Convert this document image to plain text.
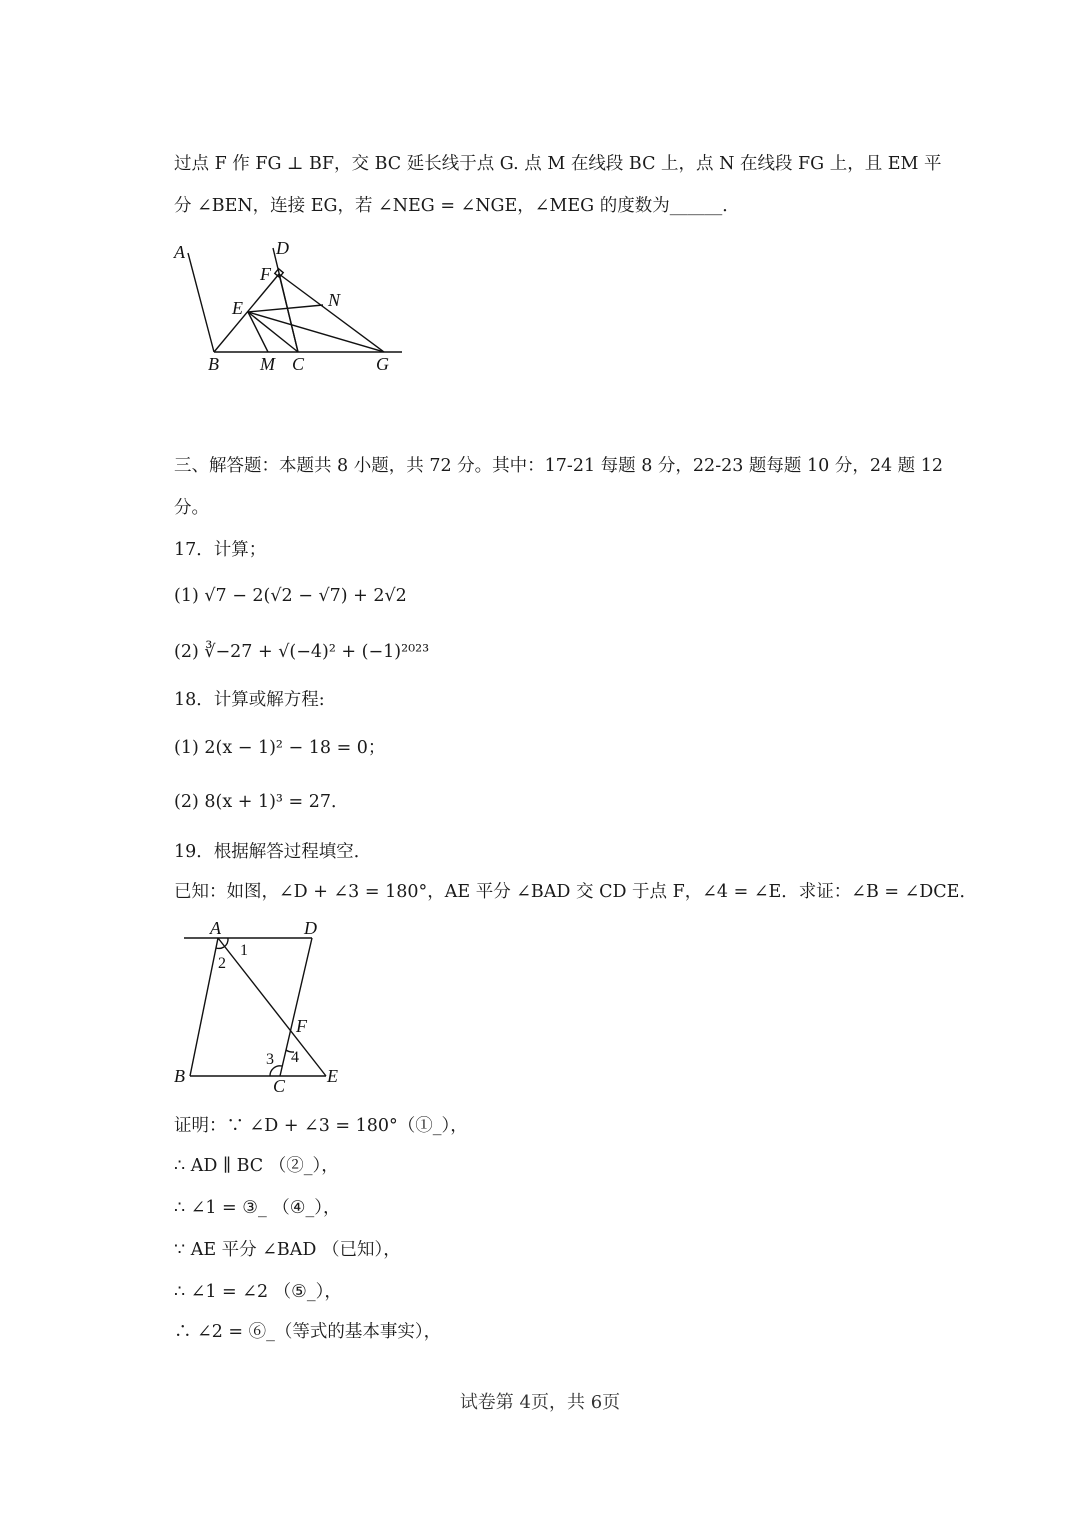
过点 F 作 FG ⊥ BF，交 BC 延长线于点 G. 点 M 在线段 BC 上，点 N 在线段 FG 上，且 EM 平
分 ∠BEN，连接 EG，若 ∠NEG = ∠NGE，∠MEG 的度数为______．
A	D
F
E	N
B M C	G
三、解答题：本题共 8 小题，共 72 分。其中：17-21 每题 8 分，22-23 题每题 10 分，24 题 12
分。
17．计算；
(1) √7 − 2(√2 − √7) + 2√2
(2) ∛−27 + √(−4)² + (−1)²⁰²³
18．计算或解方程:
(1) 2(x − 1)² − 18 = 0；
(2) 8(x + 1)³ = 27．
19．根据解答过程填空．
已知：如图，∠D + ∠3 = 180°，AE 平分 ∠BAD 交 CD 于点 F，∠4 = ∠E．求证：∠B = ∠DCE．
A	D
B	C E
F
1
2
3 4
证明：∵ ∠D + ∠3 = 180°（①_），
∴ AD ∥ BC （②_），
∴ ∠1 = ③_ （④_），
∵ AE 平分 ∠BAD （已知），
∴ ∠1 = ∠2 （⑤_），
∴ ∠2 = ⑥_（等式的基本事实），
试卷第 4页，共 6页
